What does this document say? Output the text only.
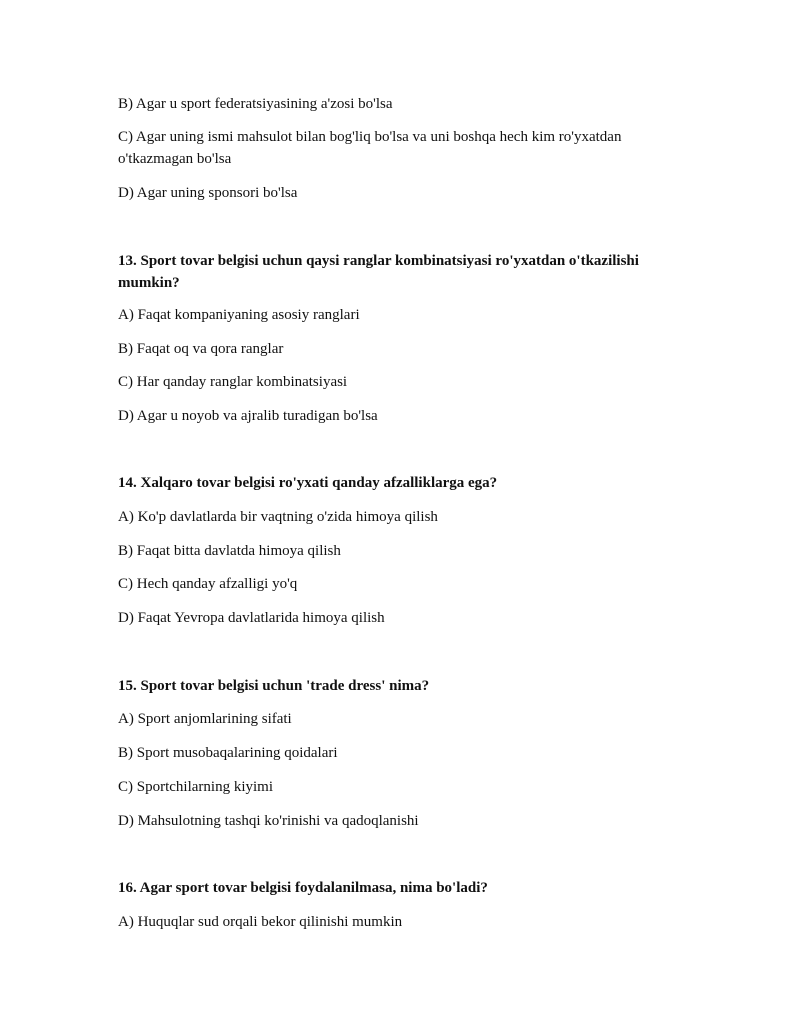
B) Agar u sport federatsiyasining a'zosi bo'lsa
C) Agar uning ismi mahsulot bilan bog'liq bo'lsa va uni boshqa hech kim ro'yxatdan o'tkazmagan bo'lsa
D) Agar uning sponsori bo'lsa
13. Sport tovar belgisi uchun qaysi ranglar kombinatsiyasi ro'yxatdan o'tkazilishi mumkin?
A) Faqat kompaniyaning asosiy ranglari
B) Faqat oq va qora ranglar
C) Har qanday ranglar kombinatsiyasi
D) Agar u noyob va ajralib turadigan bo'lsa
14. Xalqaro tovar belgisi ro'yxati qanday afzalliklarga ega?
A) Ko'p davlatlarda bir vaqtning o'zida himoya qilish
B) Faqat bitta davlatda himoya qilish
C) Hech qanday afzalligi yo'q
D) Faqat Yevropa davlatlarida himoya qilish
15. Sport tovar belgisi uchun 'trade dress' nima?
A) Sport anjomlarining sifati
B) Sport musobaqalarining qoidalari
C) Sportchilarning kiyimi
D) Mahsulotning tashqi ko'rinishi va qadoqlanishi
16. Agar sport tovar belgisi foydalanilmasa, nima bo'ladi?
A) Huquqlar sud orqali bekor qilinishi mumkin
